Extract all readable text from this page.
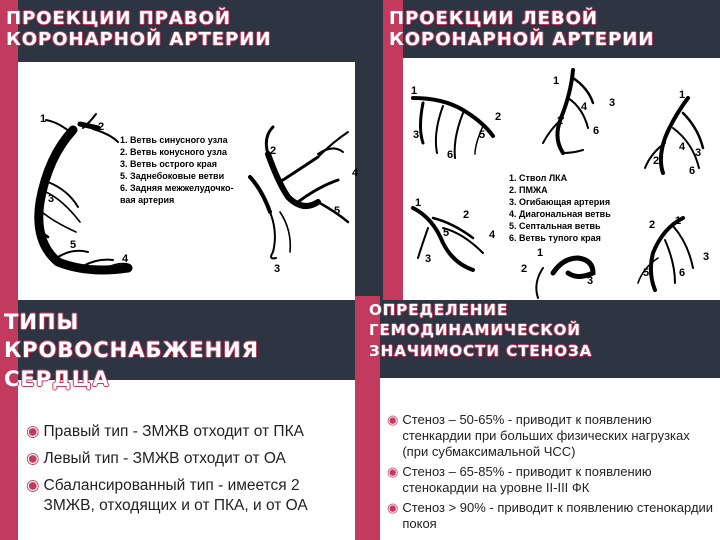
1
2
3
5
4
2
4
5
3
1. Ветвь синусного узла
2. Ветвь конусного узла
3. Ветвь острого края
5. Заднебоковые ветви
6. Задняя межжелудочко-
вая артерия
ПРОЕКЦИИ ПРАВОЙ КОРОНАРНОЙ АРТЕРИИ
1
2
3	5
6
1
4 3
2
6
1
4 3
2
6
1
2
5	4
3
2
3
1
2
3
5	6
1
1. Ствол ЛКА
2. ПМЖА
3. Огибающая артерия
4. Диагональная ветвь
5. Септальная ветвь
6. Ветвь тупого края
ПРОЕКЦИИ ЛЕВОЙ КОРОНАРНОЙ АРТЕРИИ
ТИПЫ КРОВОСНАБЖЕНИЯ СЕРДЦА
◉ Правый тип - ЗМЖВ отходит от ПКА
◉ Левый тип - ЗМЖВ отходит от ОА
◉ Сбалансированный тип - имеется 2 ЗМЖВ, отходящих и от ПКА, и от ОА
ОПРЕДЕЛЕНИЕ ГЕМОДИНАМИЧЕСКОЙ ЗНАЧИМОСТИ СТЕНОЗА
◉ Стеноз – 50-65% - приводит к появлению стенкардии при больших физических нагрузках (при субмаксимальной ЧСС)
◉ Стеноз – 65-85% - приводит к появлению стенокардии на уровне II-III ФК
◉ Стеноз > 90% - приводит к появлению стенокардии покоя
